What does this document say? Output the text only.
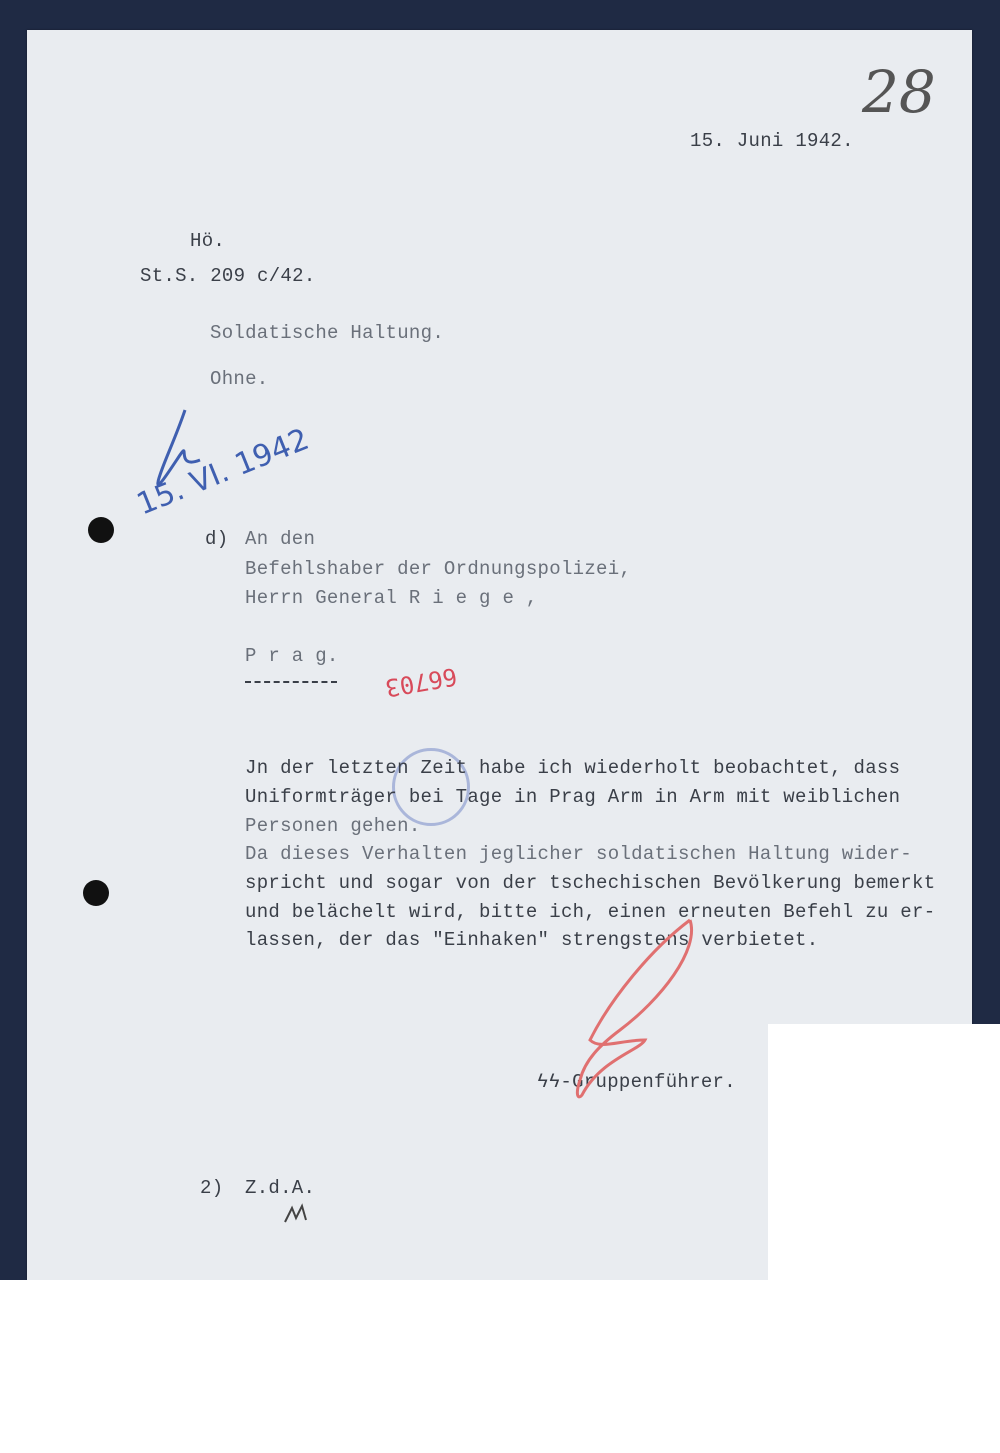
28
15. Juni 1942.
Hö.
St.S. 209 c/42.
Soldatische Haltung.
Ohne.
15. VI. 1942
d) An den
Befehlshaber der Ordnungspolizei,
Herrn General R i e g e ,
P r a g.
66703
Jn der letzten Zeit habe ich wiederholt beobachtet, dass
Uniformträger bei Tage in Prag Arm in Arm mit weiblichen
Personen gehen.
Da dieses Verhalten jeglicher soldatischen Haltung wider-
spricht und sogar von der tschechischen Bevölkerung bemerkt
und belächelt wird, bitte ich, einen erneuten Befehl zu er-
lassen, der das "Einhaken" strengstens verbietet.
ϟϟ-Gruppenführer.
2) Z.d.A.
